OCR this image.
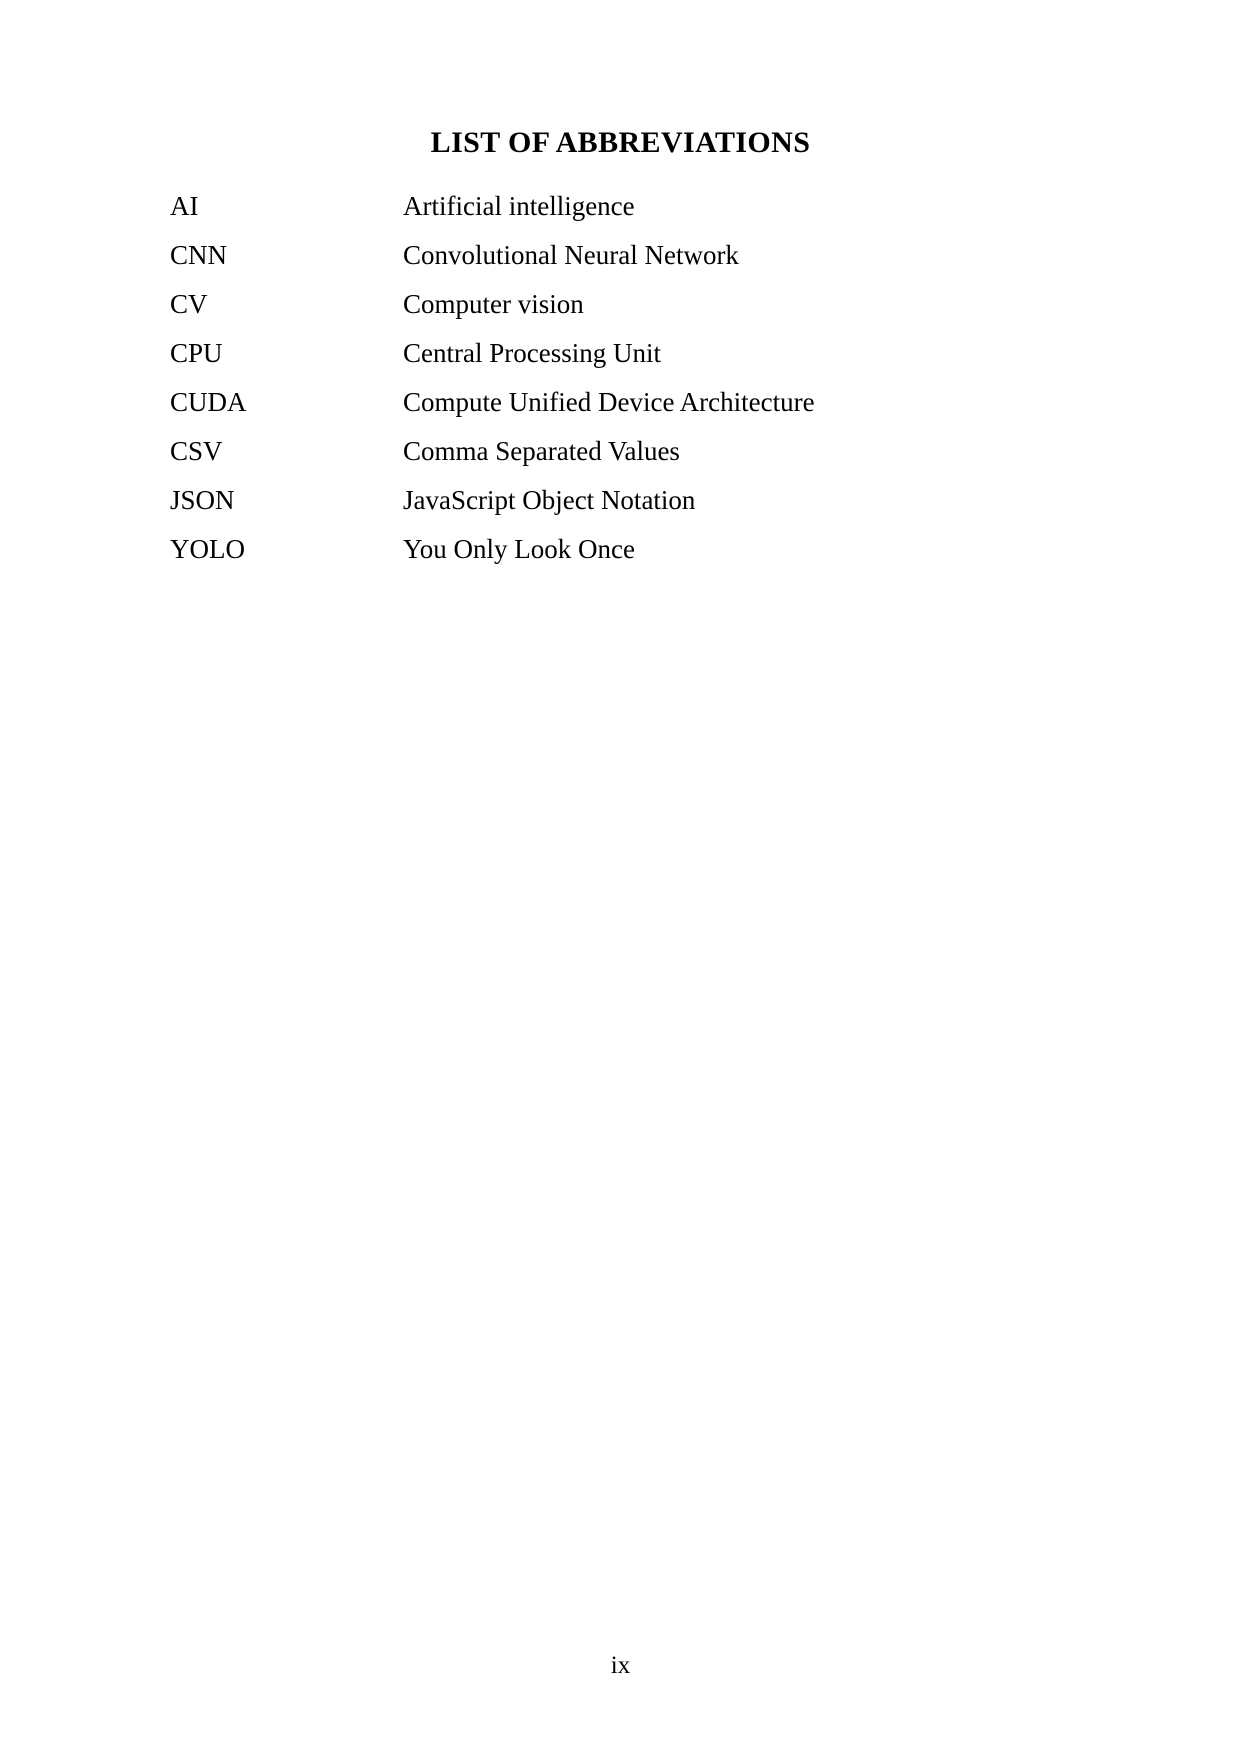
LIST OF ABBREVIATIONS
AI	Artificial intelligence
CNN	Convolutional Neural Network
CV	Computer vision
CPU	Central Processing Unit
CUDA	Compute Unified Device Architecture
CSV	Comma Separated Values
JSON	JavaScript Object Notation
YOLO	You Only Look Once
ix
